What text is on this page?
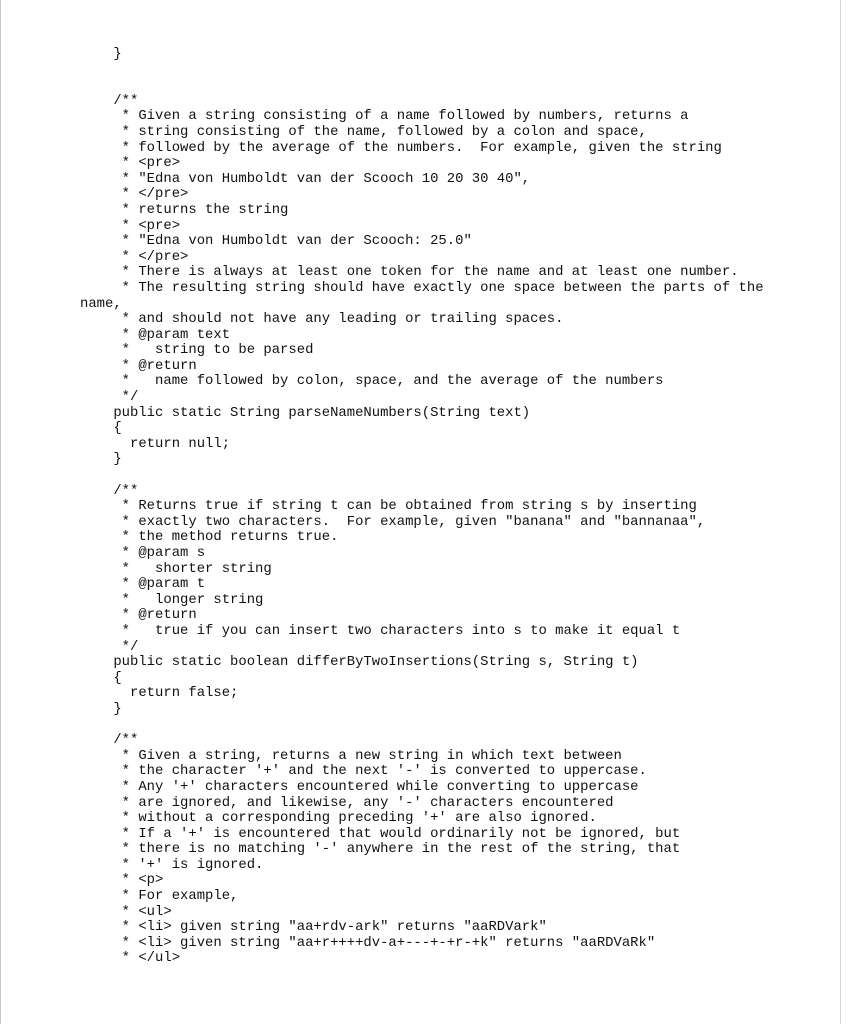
}
/**
* Given a string consisting of a name followed by numbers, returns a
* string consisting of the name, followed by a colon and space,
* followed by the average of the numbers.  For example, given the string
* <pre>
* "Edna von Humboldt van der Scooch 10 20 30 40",
* </pre>
* returns the string
* <pre>
* "Edna von Humboldt van der Scooch: 25.0"
* </pre>
* There is always at least one token for the name and at least one number.
* The resulting string should have exactly one space between the parts of the
name,
* and should not have any leading or trailing spaces.
* @param text
*   string to be parsed
* @return
*   name followed by colon, space, and the average of the numbers
*/
public static String parseNameNumbers(String text)
{
return null;
}
/**
* Returns true if string t can be obtained from string s by inserting
* exactly two characters.  For example, given "banana" and "bannanaa",
* the method returns true.
* @param s
*   shorter string
* @param t
*   longer string
* @return
*   true if you can insert two characters into s to make it equal t
*/
public static boolean differByTwoInsertions(String s, String t)
{
return false;
}
/**
* Given a string, returns a new string in which text between
* the character '+' and the next '-' is converted to uppercase.
* Any '+' characters encountered while converting to uppercase
* are ignored, and likewise, any '-' characters encountered
* without a corresponding preceding '+' are also ignored.
* If a '+' is encountered that would ordinarily not be ignored, but
* there is no matching '-' anywhere in the rest of the string, that
* '+' is ignored.
* <p>
* For example,
* <ul>
* <li> given string "aa+rdv-ark" returns "aaRDVark"
* <li> given string "aa+r++++dv-a+---+-+r-+k" returns "aaRDVaRk"
* </ul>
